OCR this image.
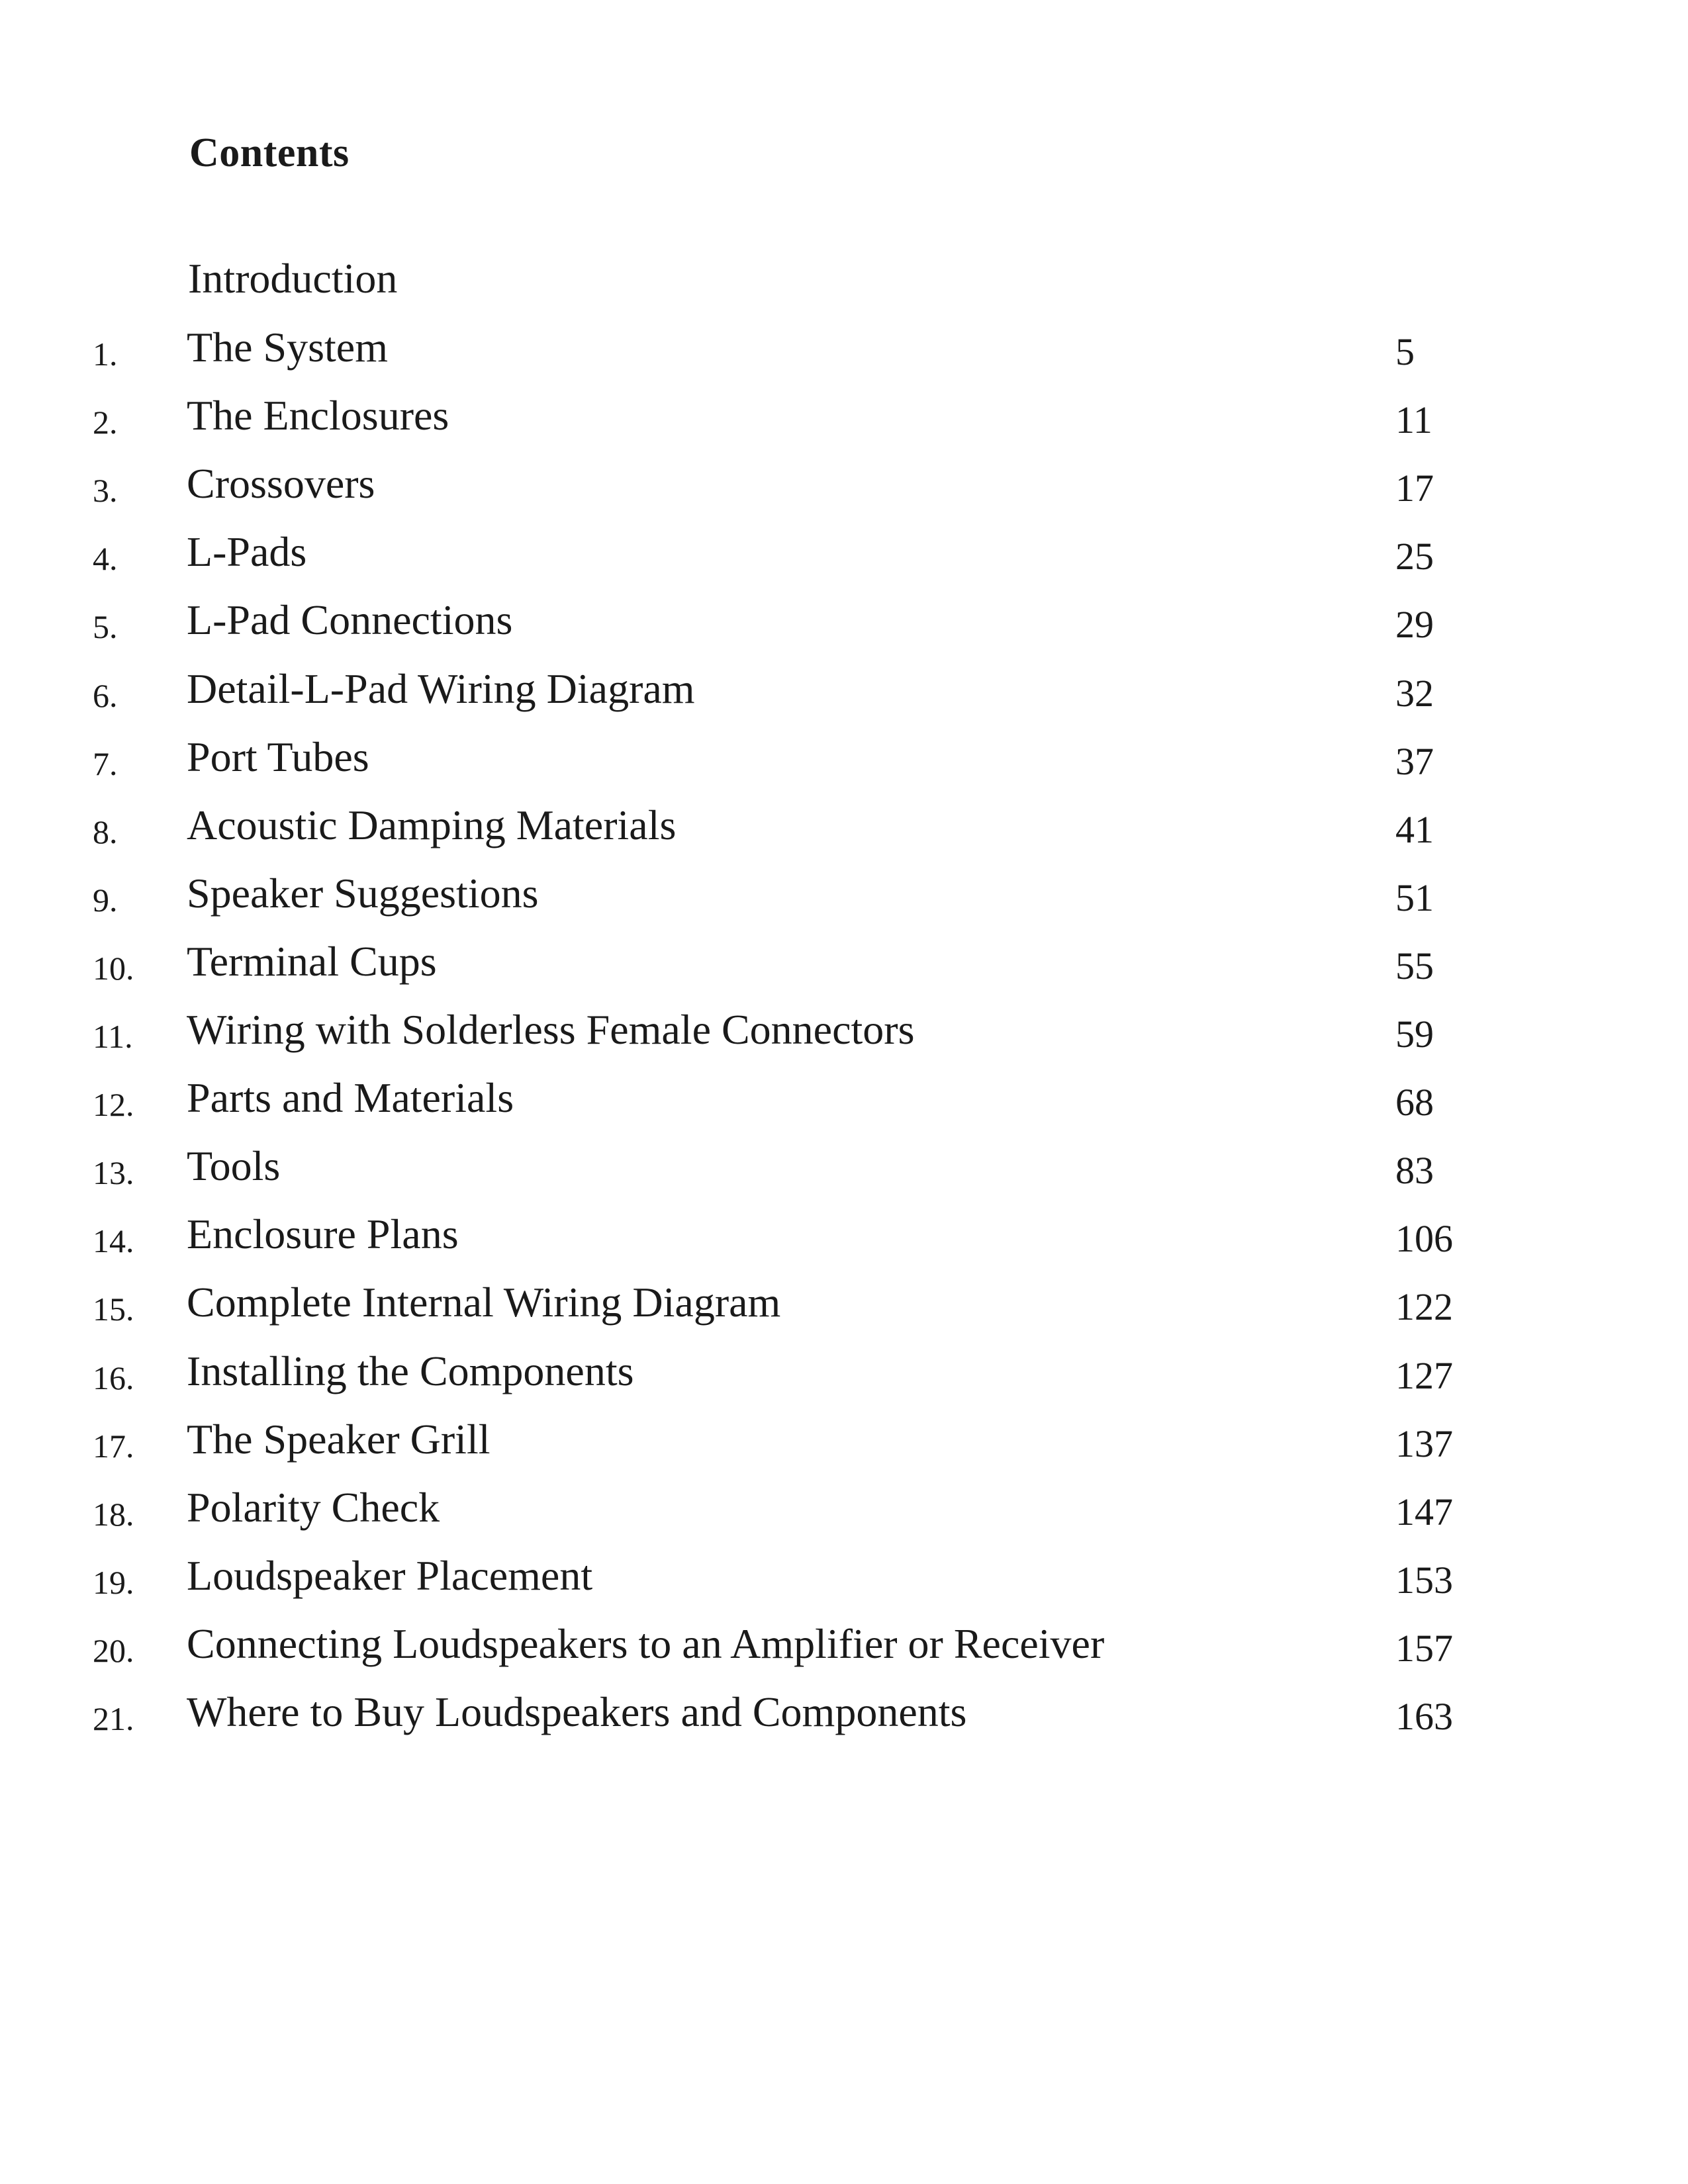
Contents
Introduction
1. The System	5
2. The Enclosures	11
3. Crossovers	17
4. L-Pads	25
5. L-Pad Connections	29
6. Detail-L-Pad Wiring Diagram	32
7. Port Tubes	37
8. Acoustic Damping Materials	41
9. Speaker Suggestions	51
10. Terminal Cups	55
11. Wiring with Solderless Female Connectors	59
12. Parts and Materials	68
13. Tools	83
14. Enclosure Plans	106
15. Complete Internal Wiring Diagram	122
16. Installing the Components	127
17. The Speaker Grill	137
18. Polarity Check	147
19. Loudspeaker Placement	153
20. Connecting Loudspeakers to an Amplifier or Receiver	157
21. Where to Buy Loudspeakers and Components	163
